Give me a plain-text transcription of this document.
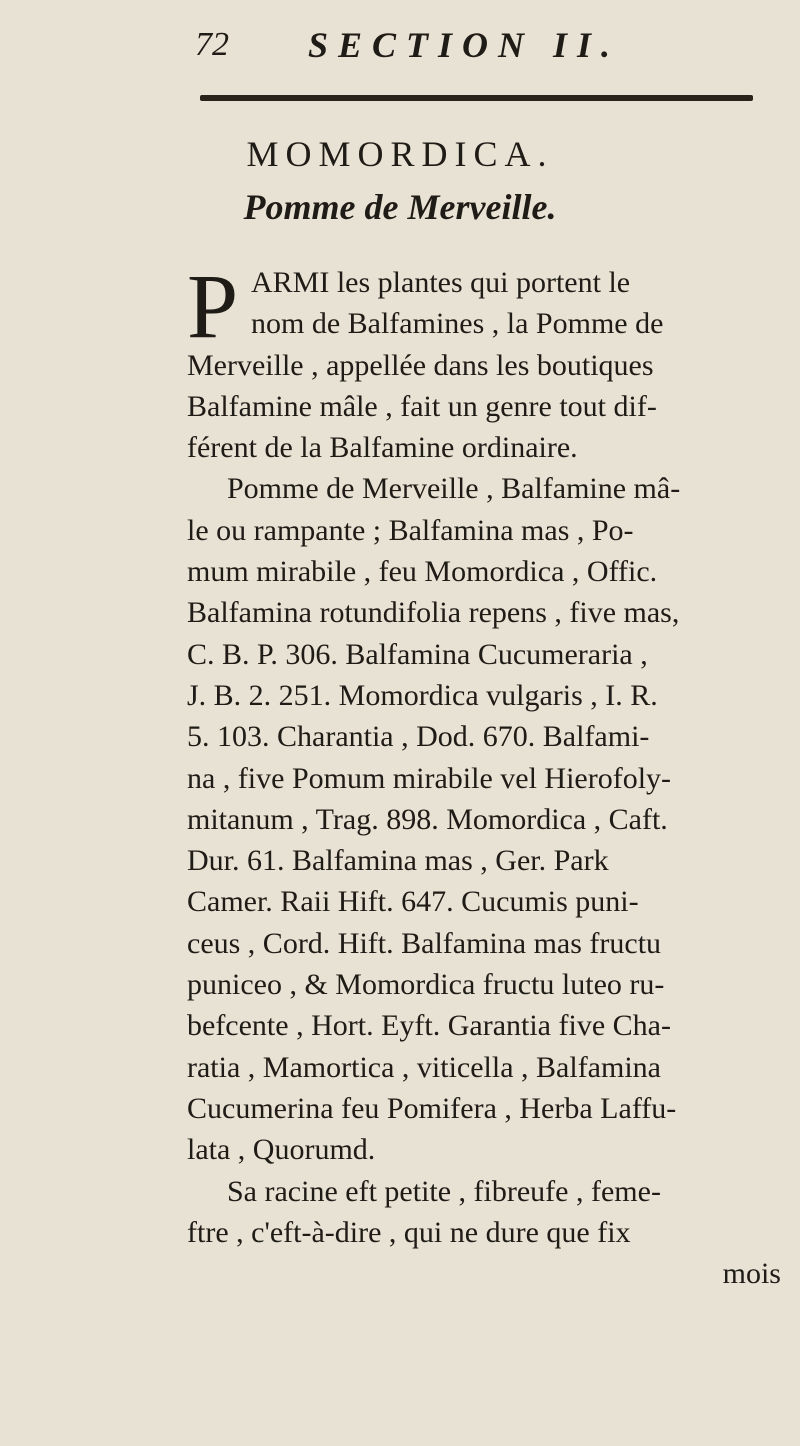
72 SECTION II.
MOMORDICA.
Pomme de Merveille.
P ARMI les plantes qui portent le
nom de Balfamines , la Pomme de
Merveille , appellée dans les boutiques
Balfamine mâle , fait un genre tout dif-
férent de la Balfamine ordinaire.
Pomme de Merveille , Balfamine mâ-
le ou rampante ; Balfamina mas , Po-
mum mirabile , feu Momordica , Offic.
Balfamina rotundifolia repens , five mas,
C. B. P. 306. Balfamina Cucumeraria ,
J. B. 2. 251. Momordica vulgaris , I. R.
5. 103. Charantia , Dod. 670. Balfami-
na , five Pomum mirabile vel Hierofoly-
mitanum , Trag. 898. Momordica , Caft.
Dur. 61. Balfamina mas , Ger. Park
Camer. Raii Hift. 647. Cucumis puni-
ceus , Cord. Hift. Balfamina mas fructu
puniceo , & Momordica fructu luteo ru-
befcente , Hort. Eyft. Garantia five Cha-
ratia , Mamortica , viticella , Balfamina
Cucumerina feu Pomifera , Herba Laffu-
lata , Quorumd.
Sa racine eft petite , fibreufe , feme-
ftre , c'eft-à-dire , qui ne dure que fix
mois
